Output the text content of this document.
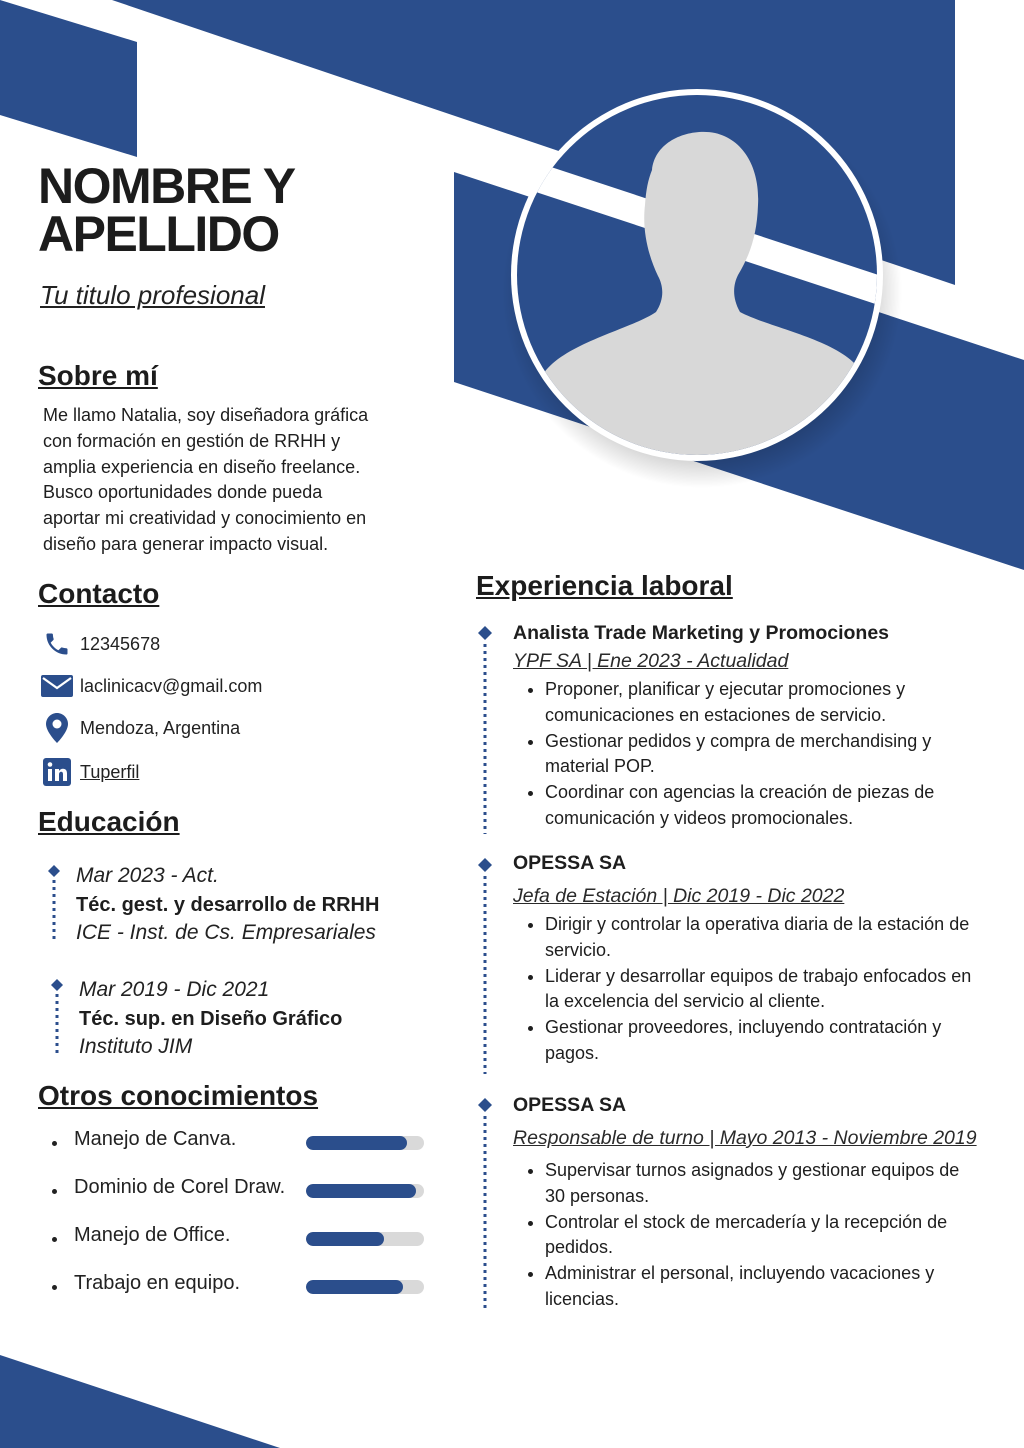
NOMBRE Y
APELLIDO
Tu titulo profesional
Sobre mí
Me llamo Natalia, soy diseñadora gráfica
con formación en gestión de RRHH y
amplia experiencia en diseño freelance.
Busco oportunidades donde pueda
aportar mi creatividad y conocimiento en
diseño para generar impacto visual.
Contacto
12345678
laclinicacv@gmail.com
Mendoza, Argentina
Tuperfil
Educación
Mar 2023 - Act.
Téc. gest. y desarrollo de RRHH
ICE - Inst. de Cs. Empresariales
Mar 2019 - Dic 2021
Téc. sup. en Diseño Gráfico
Instituto JIM
Otros conocimientos
Manejo de Canva.
Dominio de Corel Draw.
Manejo de Office.
Trabajo en equipo.
Experiencia laboral
Analista Trade Marketing y Promociones
YPF SA | Ene 2023 - Actualidad
• Proponer, planificar y ejecutar promociones y comunicaciones en estaciones de servicio.
• Gestionar pedidos y compra de merchandising y material POP.
• Coordinar con agencias la creación de piezas de comunicación y videos promocionales.
OPESSA SA
Jefa de Estación | Dic 2019 - Dic 2022
• Dirigir y controlar la operativa diaria de la estación de servicio.
• Liderar y desarrollar equipos de trabajo enfocados en la excelencia del servicio al cliente.
• Gestionar proveedores, incluyendo contratación y pagos.
OPESSA SA
Responsable de turno | Mayo 2013 - Noviembre 2019
• Supervisar turnos asignados y gestionar equipos de 30 personas.
• Controlar el stock de mercadería y la recepción de pedidos.
• Administrar el personal, incluyendo vacaciones y licencias.
